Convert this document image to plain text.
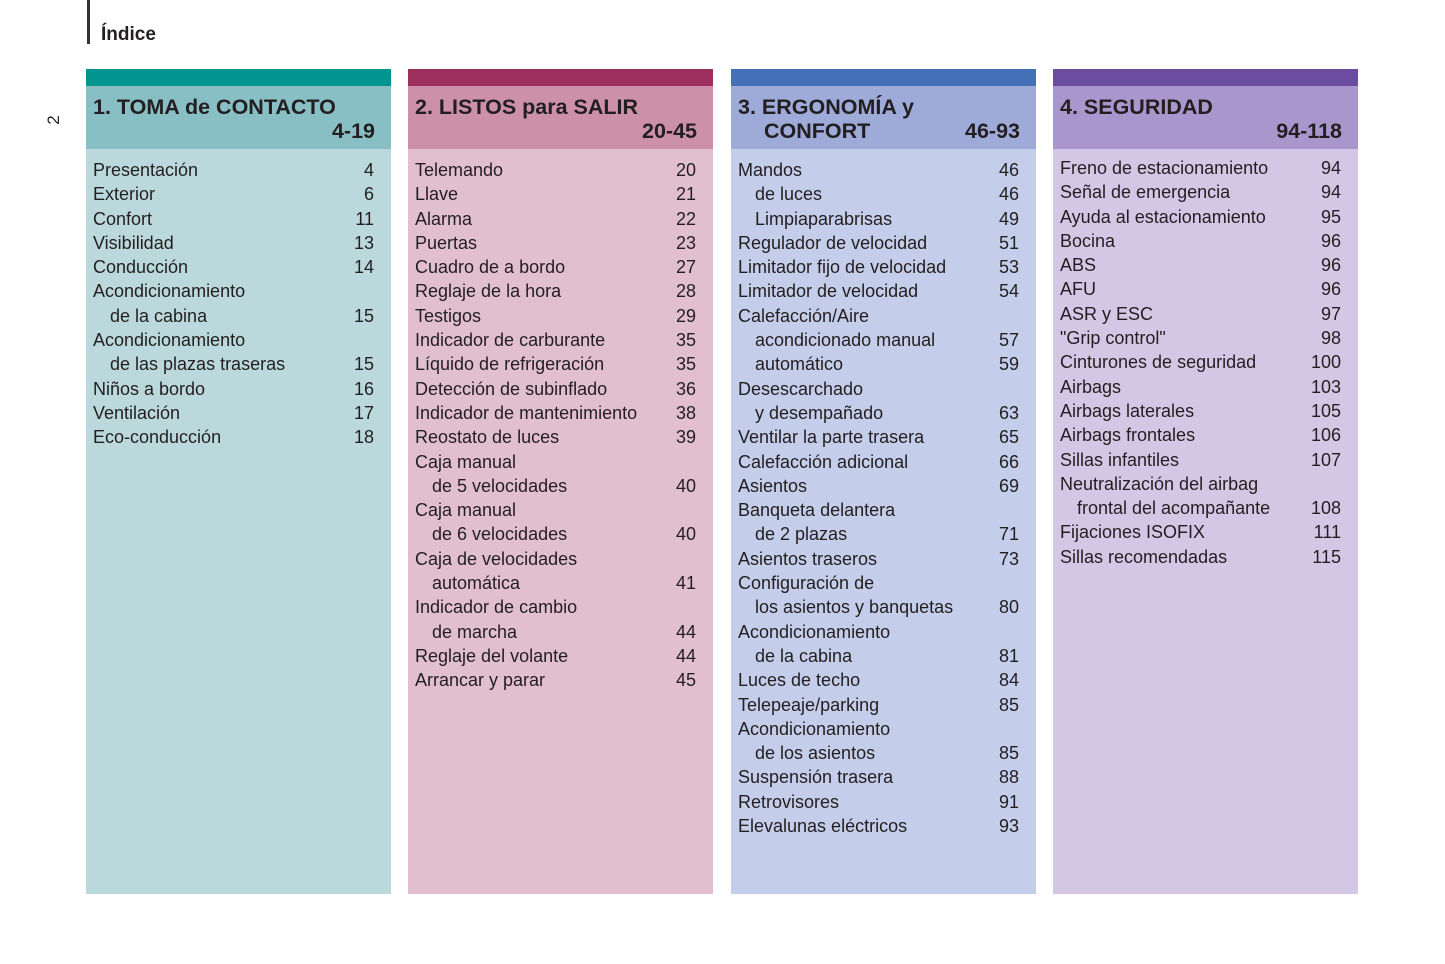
Índice
2
1. TOMA de CONTACTO
4-19
Presentación	4
Exterior	6
Confort	11
Visibilidad	13
Conducción	14
Acondicionamiento
de la cabina	15
Acondicionamiento
de las plazas traseras	15
Niños a bordo	16
Ventilación	17
Eco-conducción	18
2. LISTOS para SALIR
20-45
Telemando	20
Llave	21
Alarma	22
Puertas	23
Cuadro de a bordo	27
Reglaje de la hora	28
Testigos	29
Indicador de carburante	35
Líquido de refrigeración	35
Detección de subinflado	36
Indicador de mantenimiento 38
Reostato de luces	39
Caja manual
de 5 velocidades	40
Caja manual
de 6 velocidades	40
Caja de velocidades
automática	41
Indicador de cambio
de marcha	44
Reglaje del volante	44
Arrancar y parar	45
3. ERGONOMÍA y
CONFORT	46-93
Mandos	46
de luces	46
Limpiaparabrisas	49
Regulador de velocidad	51
Limitador fijo de velocidad	53
Limitador de velocidad	54
Calefacción/Aire
acondicionado manual	57
automático	59
Desescarchado
y desempañado	63
Ventilar la parte trasera	65
Calefacción adicional	66
Asientos	69
Banqueta delantera
de 2 plazas	71
Asientos traseros	73
Configuración de
los asientos y banquetas	80
Acondicionamiento
de la cabina	81
Luces de techo	84
Telepeaje/parking	85
Acondicionamiento
de los asientos	85
Suspensión trasera	88
Retrovisores	91
Elevalunas eléctricos	93
4. SEGURIDAD
94-118
Freno de estacionamiento	94
Señal de emergencia	94
Ayuda al estacionamiento	95
Bocina	96
ABS	96
AFU	96
ASR y ESC	97
"Grip control"	98
Cinturones de seguridad	100
Airbags	103
Airbags laterales	105
Airbags frontales	106
Sillas infantiles	107
Neutralización del airbag
frontal del acompañante 108
Fijaciones ISOFIX	111
Sillas recomendadas	115
